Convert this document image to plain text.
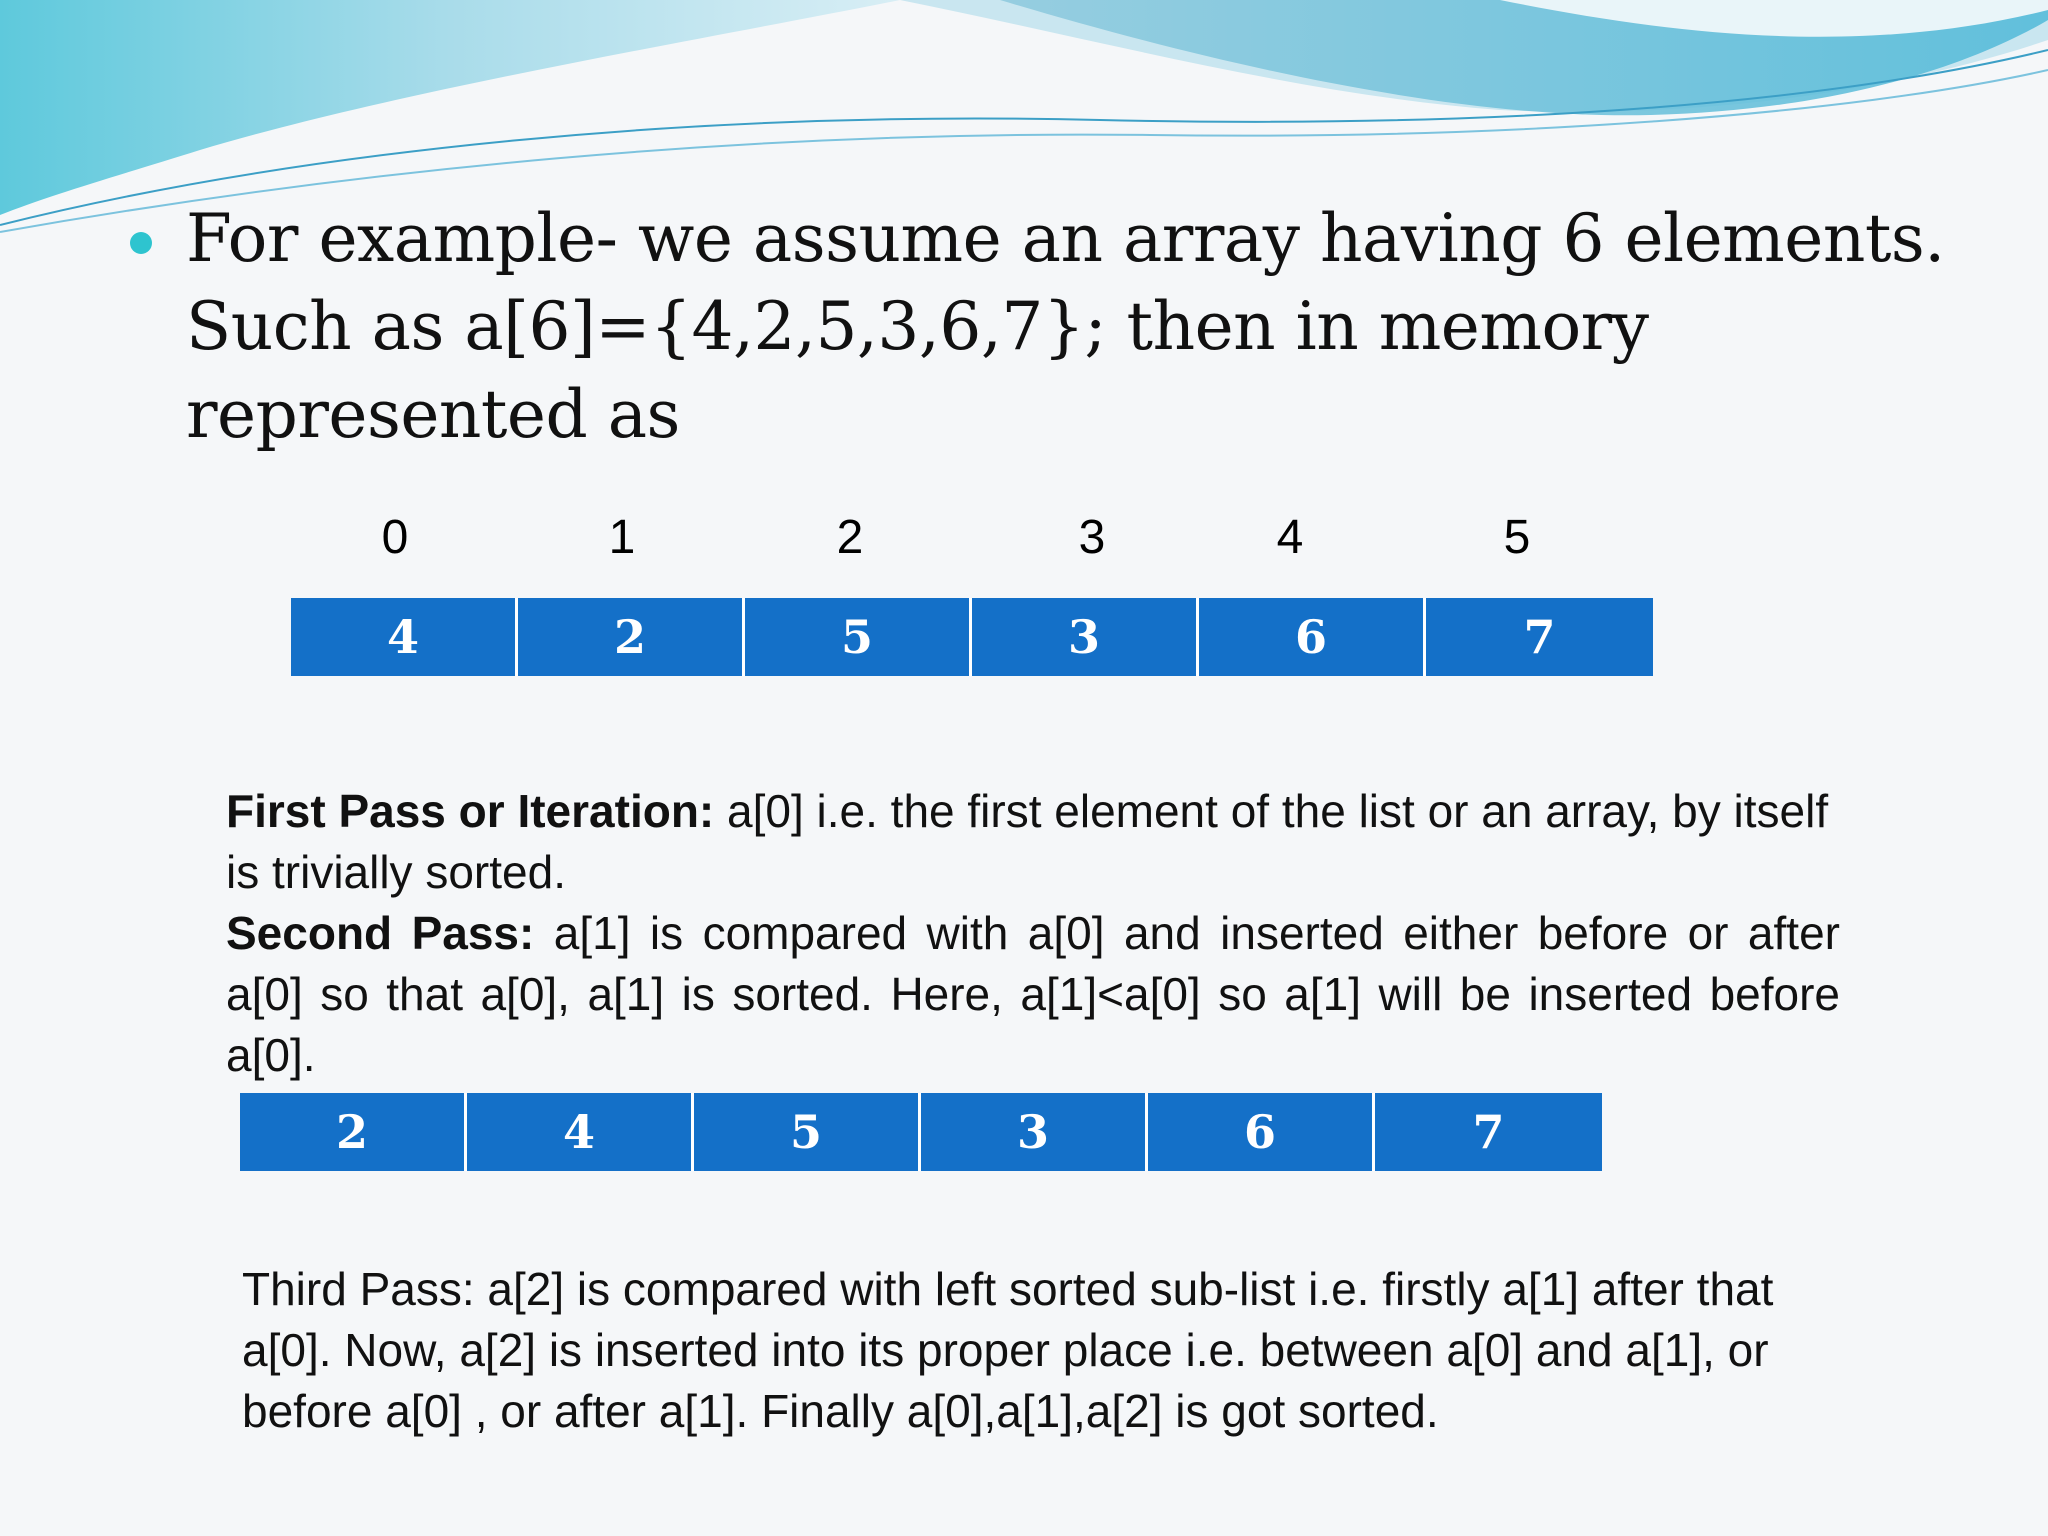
For example- we assume an array having 6 elements.
Such as a[6]={4,2,5,3,6,7}; then in memory
represented as
0	1	2	3	4	5
4	2	5	3	6	7
First Pass or Iteration: a[0] i.e. the first element of the list or an array, by itself is trivially sorted.
Second Pass: a[1] is compared with a[0] and inserted either before or after a[0] so that a[0], a[1] is sorted. Here, a[1]<a[0] so a[1] will be inserted before a[0].
2	4	5	3	6	7
Third Pass: a[2] is compared with left sorted sub-list i.e. firstly a[1] after that a[0]. Now, a[2] is inserted into its proper place i.e. between a[0] and a[1], or before a[0] , or after a[1]. Finally a[0],a[1],a[2] is got sorted.
